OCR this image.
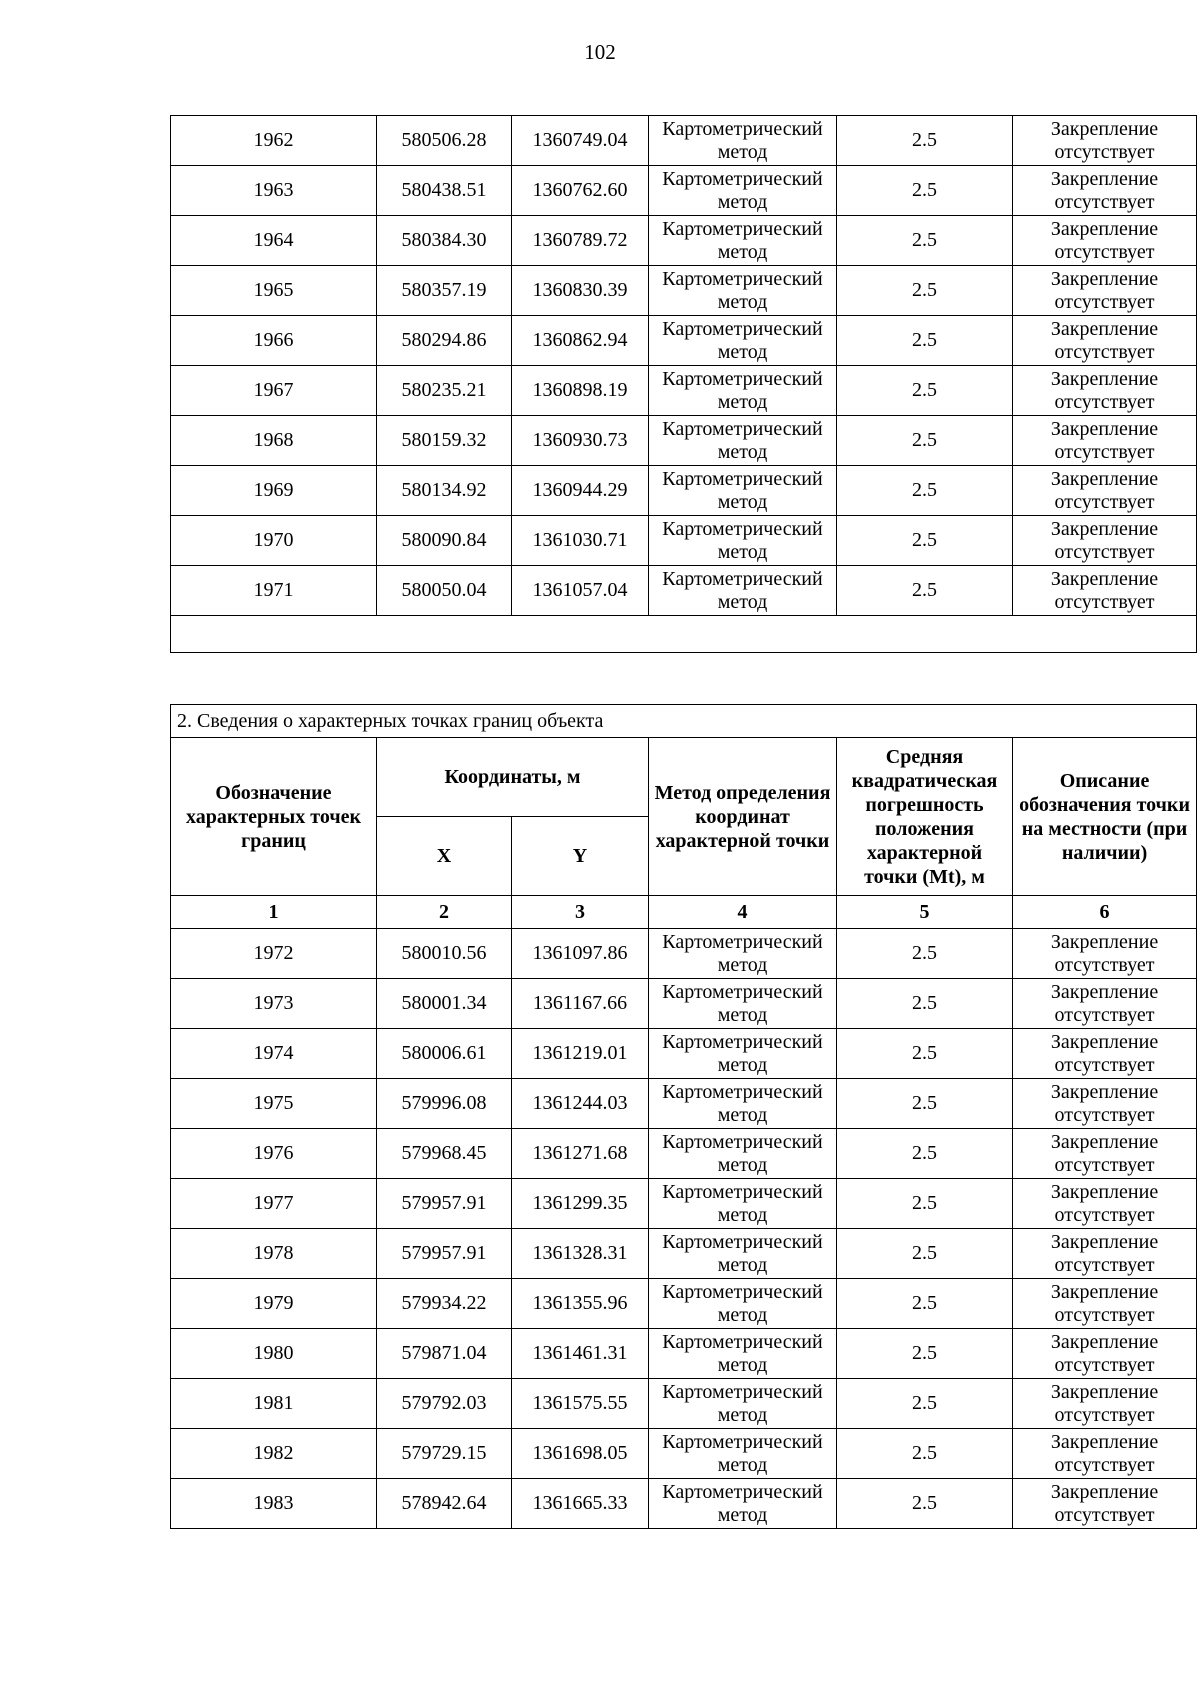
102
1962	580506.28	1360749.04	Картометрический метод	2.5	Закрепление отсутствует
1963	580438.51	1360762.60	Картометрический метод	2.5	Закрепление отсутствует
1964	580384.30	1360789.72	Картометрический метод	2.5	Закрепление отсутствует
1965	580357.19	1360830.39	Картометрический метод	2.5	Закрепление отсутствует
1966	580294.86	1360862.94	Картометрический метод	2.5	Закрепление отсутствует
1967	580235.21	1360898.19	Картометрический метод	2.5	Закрепление отсутствует
1968	580159.32	1360930.73	Картометрический метод	2.5	Закрепление отсутствует
1969	580134.92	1360944.29	Картометрический метод	2.5	Закрепление отсутствует
1970	580090.84	1361030.71	Картометрический метод	2.5	Закрепление отсутствует
1971	580050.04	1361057.04	Картометрический метод	2.5	Закрепление отсутствует

2. Сведения о характерных точках границ объекта					
Обозначение характерных точек границ	Координаты, м		Метод определения координат характерной точки	Средняя квадратическая погрешность положения характерной точки (Mt), м	Описание обозначения точки на местности (при наличии)
	X	Y			
1	2	3	4	5	6
1972	580010.56	1361097.86	Картометрический метод	2.5	Закрепление отсутствует
1973	580001.34	1361167.66	Картометрический метод	2.5	Закрепление отсутствует
1974	580006.61	1361219.01	Картометрический метод	2.5	Закрепление отсутствует
1975	579996.08	1361244.03	Картометрический метод	2.5	Закрепление отсутствует
1976	579968.45	1361271.68	Картометрический метод	2.5	Закрепление отсутствует
1977	579957.91	1361299.35	Картометрический метод	2.5	Закрепление отсутствует
1978	579957.91	1361328.31	Картометрический метод	2.5	Закрепление отсутствует
1979	579934.22	1361355.96	Картометрический метод	2.5	Закрепление отсутствует
1980	579871.04	1361461.31	Картометрический метод	2.5	Закрепление отсутствует
1981	579792.03	1361575.55	Картометрический метод	2.5	Закрепление отсутствует
1982	579729.15	1361698.05	Картометрический метод	2.5	Закрепление отсутствует
1983	578942.64	1361665.33	Картометрический метод	2.5	Закрепление отсутствует
